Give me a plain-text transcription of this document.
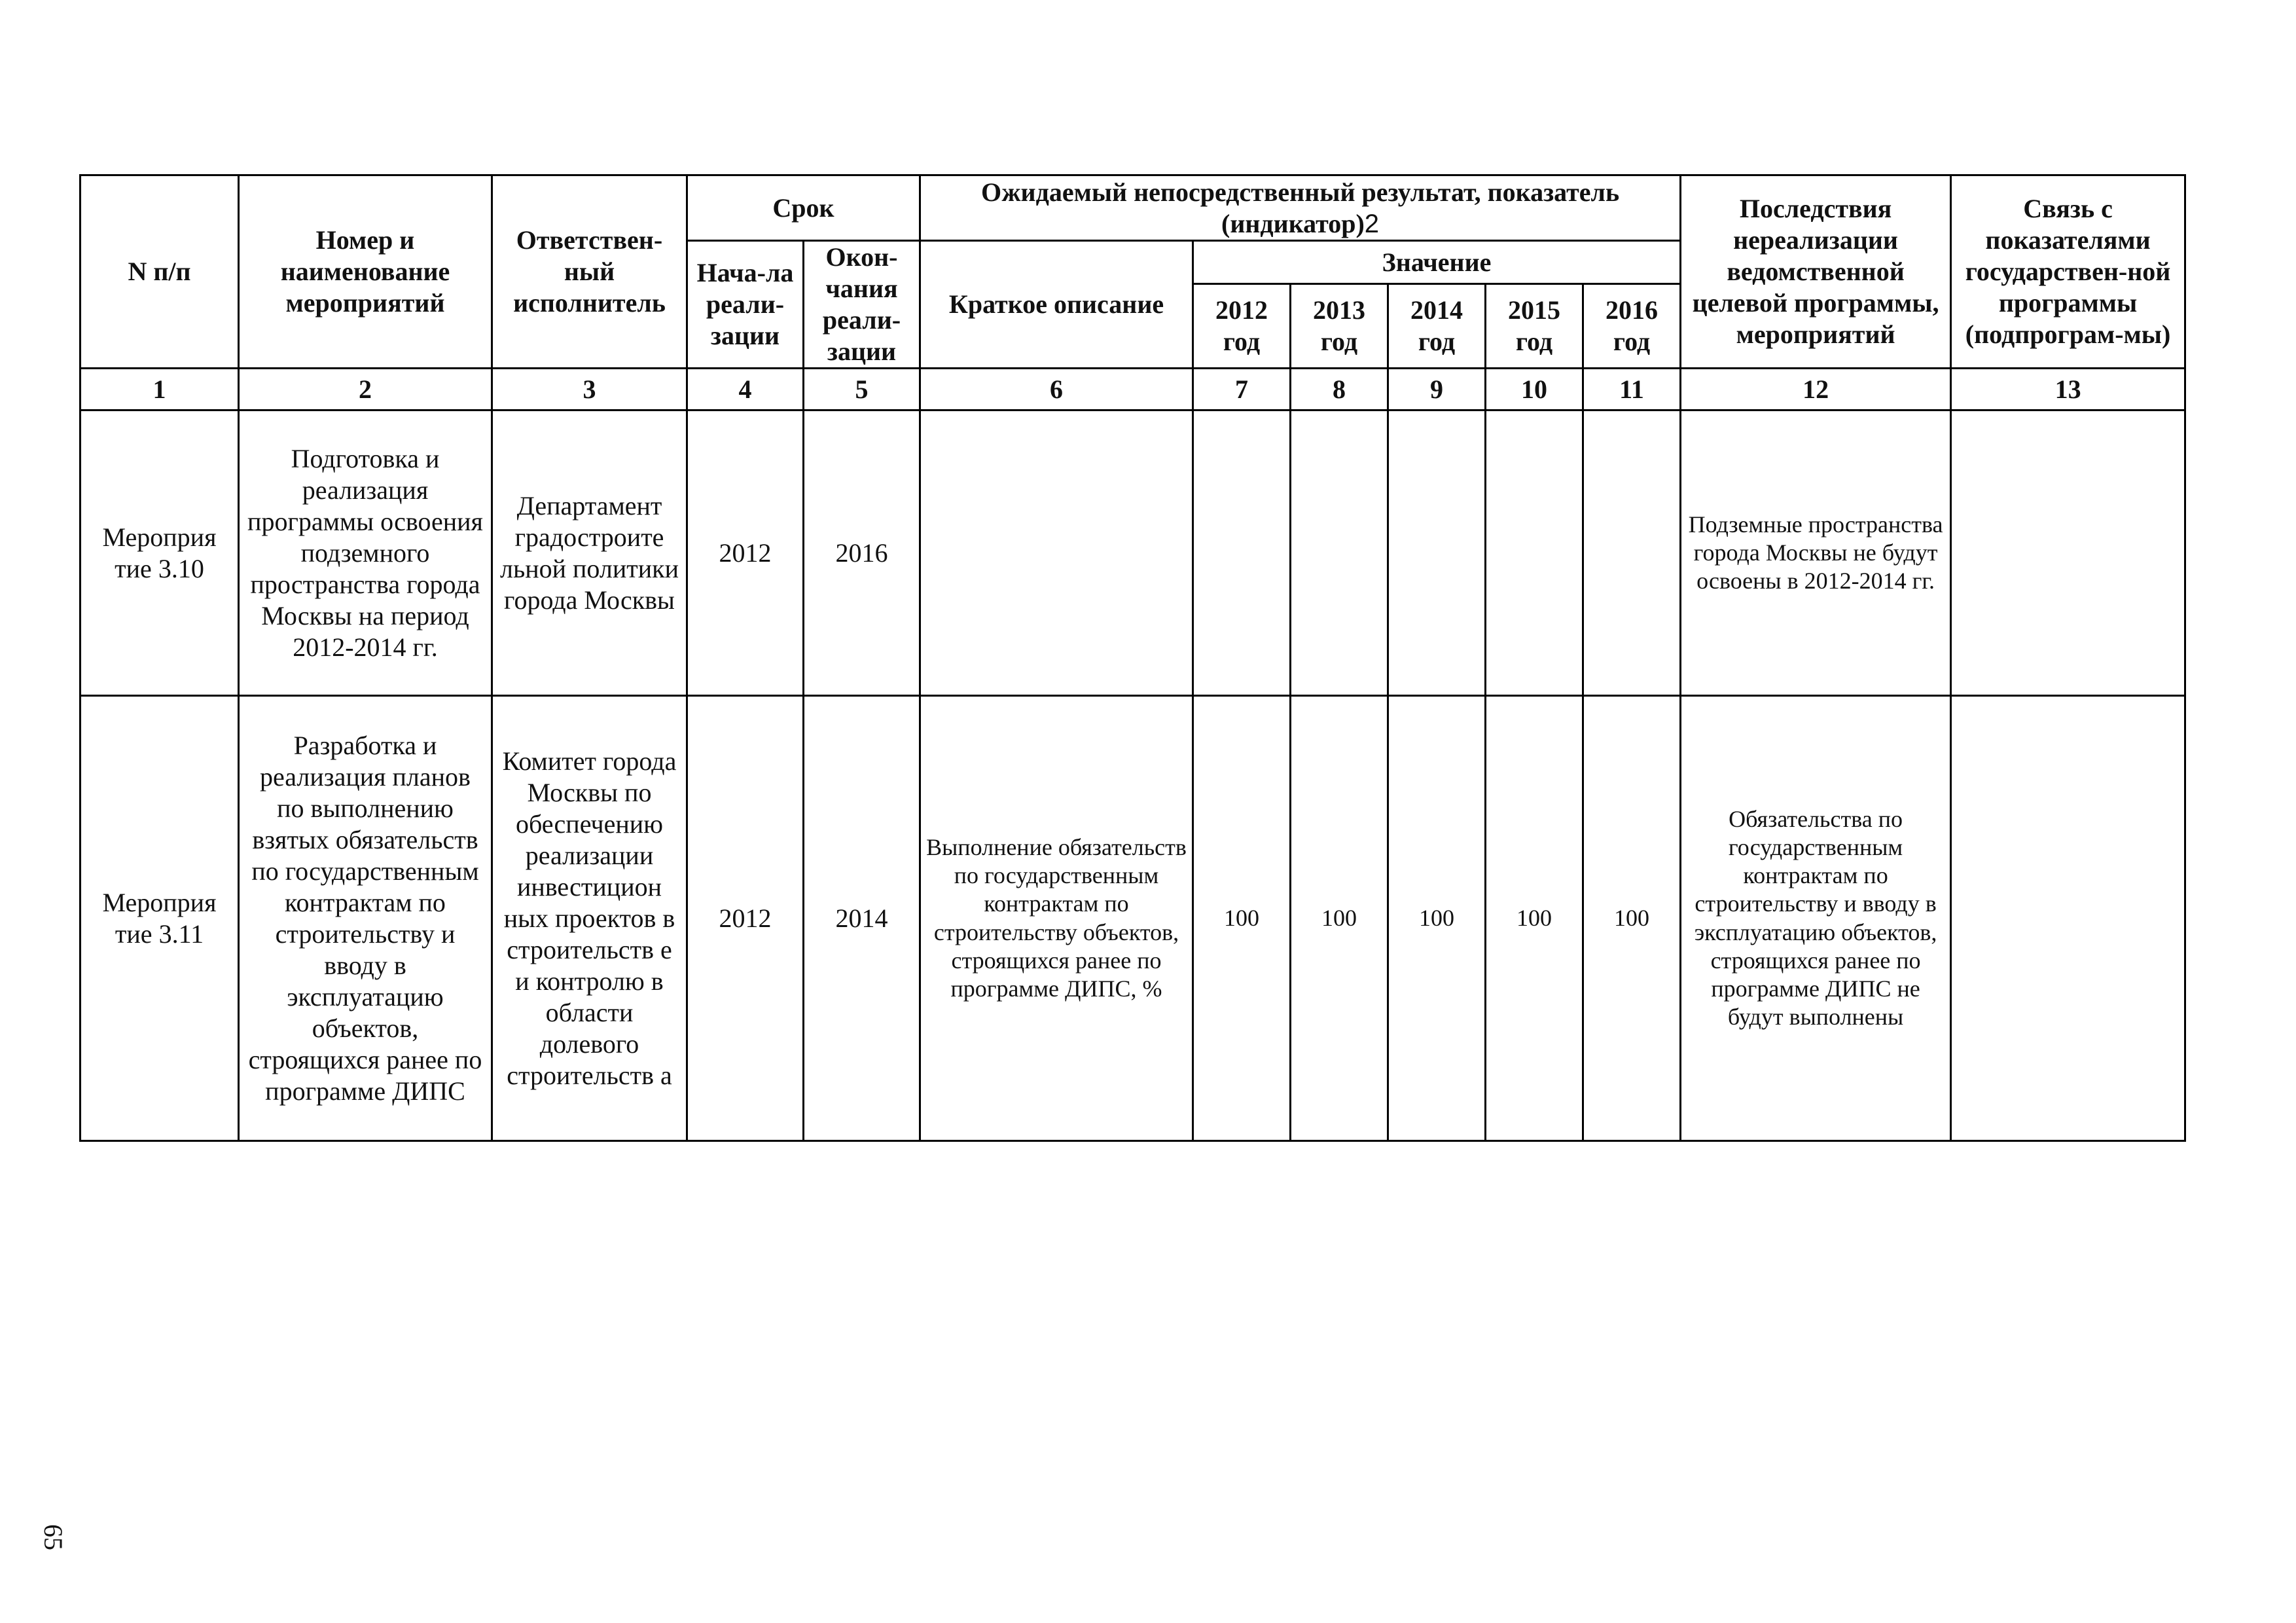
N п/п	Номер и наименование мероприятий	Ответствен-ный исполнитель	Срок		Ожидаемый непосредственный результат, показатель (индикатор)2						Последствия нереализации ведомственной целевой программы, мероприятий	Связь с показателями государствен-ной программы (подпрограм-мы)
			Нача-ла реали-зации	Окон-чания реали-зации	Краткое описание	Значение						
						2012 год	2013 год	2014 год	2015 год	2016 год		
1	2	3	4	5	6	7	8	9	10	11	12	13
Мероприя тие 3.10	Подготовка и реализация программы освоения подземного пространства города Москвы на период 2012-2014 гг.	Департамент градостроите льной политики города Москвы	2012	2016							Подземные пространства города Москвы не будут освоены в 2012-2014 гг.	
Мероприя тие 3.11	Разработка и реализация планов по выполнению взятых обязательств по государственным контрактам по строительству и вводу в эксплуатацию объектов, строящихся ранее по программе ДИПС	Комитет города Москвы по обеспечению реализации инвестицион ных проектов в строительств е и контролю в области долевого строительств а	2012	2014	Выполнение обязательств по государственным контрактам по строительству объектов, строящихся ранее по программе ДИПС, %	100	100	100	100	100	Обязательства по государственным контрактам по строительству и вводу в эксплуатацию объектов, строящихся ранее по программе ДИПС не будут выполнены	
65
